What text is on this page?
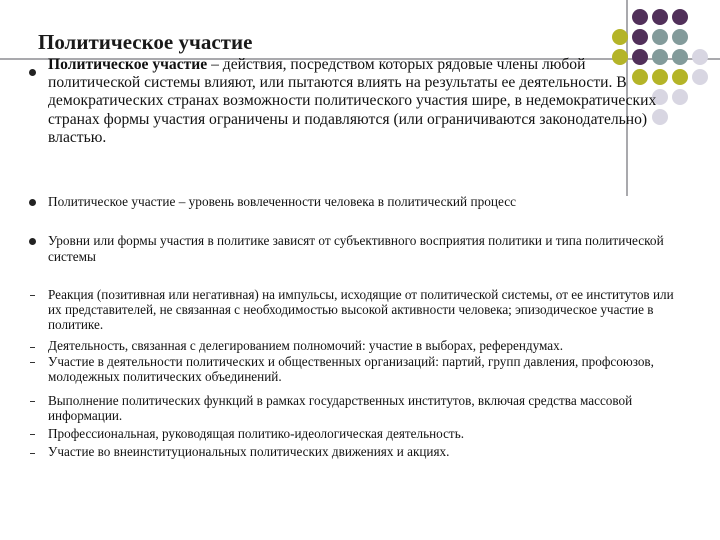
Политическое участие
Политическое участие – действия, посредством которых рядовые члены любой политической системы влияют, или пытаются влиять на результаты ее деятельности. В демократических странах возможности политического участия шире, в недемократических странах формы участия ограничены и подавляются (или ограничиваются законодательно) властью.
Политическое участие – уровень вовлеченности человека в политический процесс
Уровни или формы участия в политике зависят от субъективного восприятия политики и типа политической системы
Реакция (позитивная или негативная) на импульсы, исходящие от политической системы, от ее институтов или их представителей, не связанная с необходимостью высокой активности человека; эпизодическое участие в политике.
Деятельность, связанная с делегированием полномочий: участие в выборах, референдумах.
Участие в деятельности политических и общественных организаций: партий, групп давления, профсоюзов, молодежных политических объединений.
Выполнение политических функций в рамках государственных институтов, включая средства массовой информации.
Профессиональная, руководящая политико-идеологическая деятельность.
Участие во внеинституциональных политических движениях и акциях.
